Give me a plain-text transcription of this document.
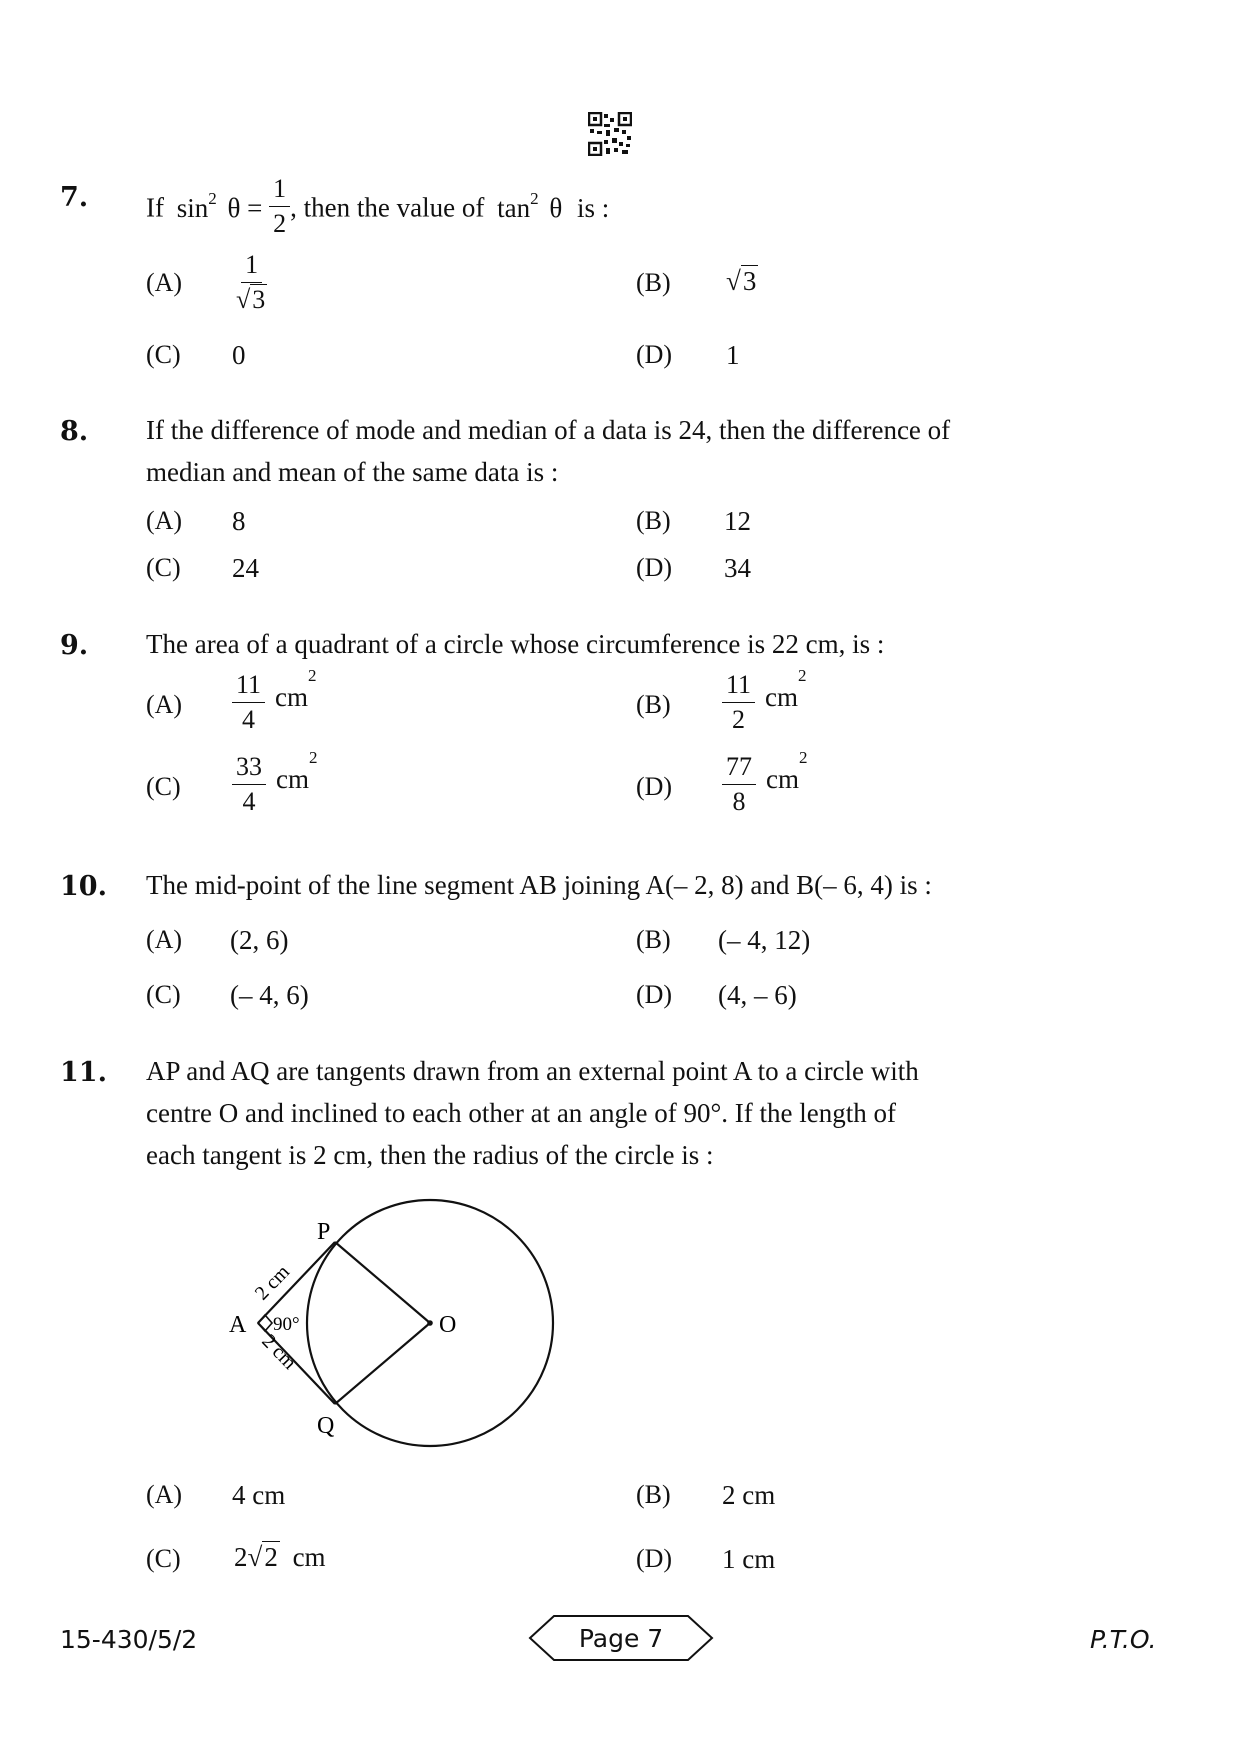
7. If $\sin^2 \theta = \frac{1}{2}$ , then the value of $\tan^2 \theta$ is :
$(A) \frac{1}{√3}$	(B) √3
(C) 0	(D) 1
8. If the difference of mode and median of a data is 24, then the difference of
median and mean of the same data is :
(A) 8	(B) 12
(C) 24	(D) 34
9. The area of a quadrant of a circle whose circumference is 22 cm, is :
$(A) \frac{11}{4} cm^2$
$(B) \frac{11}{2} cm^2$
$(C) \frac{33}{4} cm^2$
$(D) \frac{77}{8} cm^2$
10. The mid-point of the line segment AB joining A(– 2, 8) and B(– 6, 4) is :
(A) (2, 6)	(B) (– 4, 12)
(C) (– 4, 6)	(D) (4, – 6)
11. AP and AQ are tangents drawn from an external point A to a circle with
centre O and inclined to each other at an angle of 90°. If the length of
each tangent is 2 cm, then the radius of the circle is :
P
Q
A	O
90°
2 cm
2 cm
(A) 4 cm	(B) 2 cm
(C) 2√2 cm	(D) 1 cm
15-430/5/2	Page 7	P.T.O.
